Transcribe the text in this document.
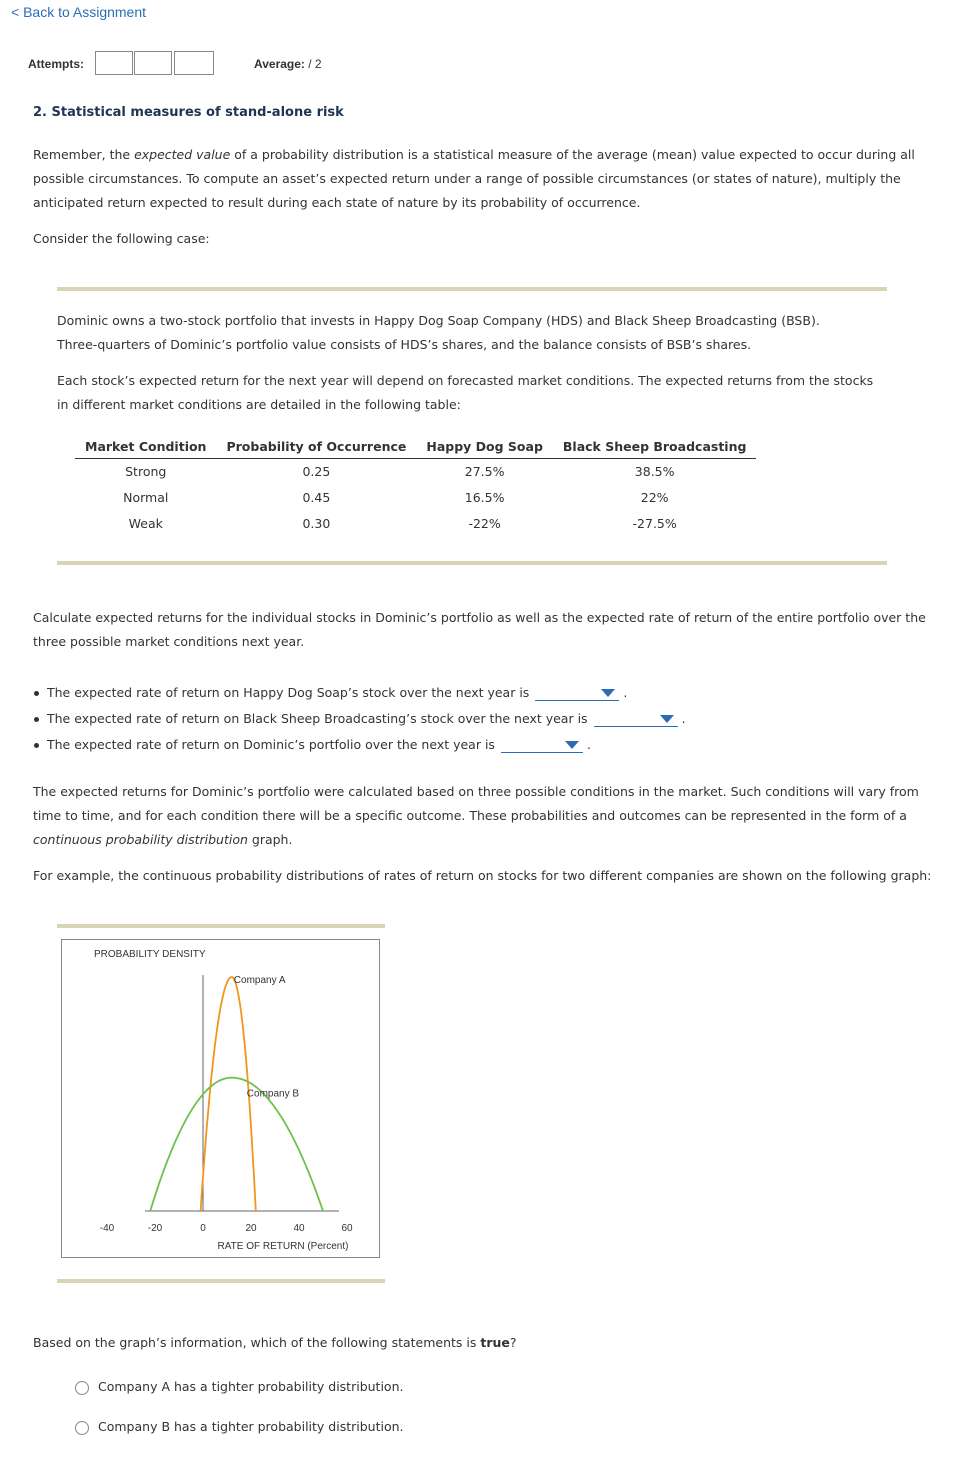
< Back to Assignment
Attempts:	Average: / 2
2. Statistical measures of stand-alone risk

Remember, the expected value of a probability distribution is a statistical measure of the average (mean) value expected to occur during all possible circumstances. To compute an asset’s expected return under a range of possible circumstances (or states of nature), multiply the anticipated return expected to result during each state of nature by its probability of occurrence.

Consider the following case:

Dominic owns a two-stock portfolio that invests in Happy Dog Soap Company (HDS) and Black Sheep Broadcasting (BSB). Three-quarters of Dominic’s portfolio value consists of HDS’s shares, and the balance consists of BSB’s shares.

Each stock’s expected return for the next year will depend on forecasted market conditions. The expected returns from the stocks in different market conditions are detailed in the following table:

Market Condition	Probability of Occurrence	Happy Dog Soap	Black Sheep Broadcasting
Strong	0.25	27.5%	38.5%
Normal	0.45	16.5%	22%
Weak	0.30	-22%	-27.5%

Calculate expected returns for the individual stocks in Dominic’s portfolio as well as the expected rate of return of the entire portfolio over the three possible market conditions next year.

The expected rate of return on Happy Dog Soap’s stock over the next year is	.
The expected rate of return on Black Sheep Broadcasting’s stock over the next year is	.
The expected rate of return on Dominic’s portfolio over the next year is	.

The expected returns for Dominic’s portfolio were calculated based on three possible conditions in the market. Such conditions will vary from time to time, and for each condition there will be a specific outcome. These probabilities and outcomes can be represented in the form of a continuous probability distribution graph.

For example, the continuous probability distributions of rates of return on stocks for two different companies are shown on the following graph:

PROBABILITY DENSITY
RATE OF RETURN (Percent)
-40	-20	0	20	40	60
Company A
Company B

Based on the graph’s information, which of the following statements is true?

Company A has a tighter probability distribution.
Company B has a tighter probability distribution.
